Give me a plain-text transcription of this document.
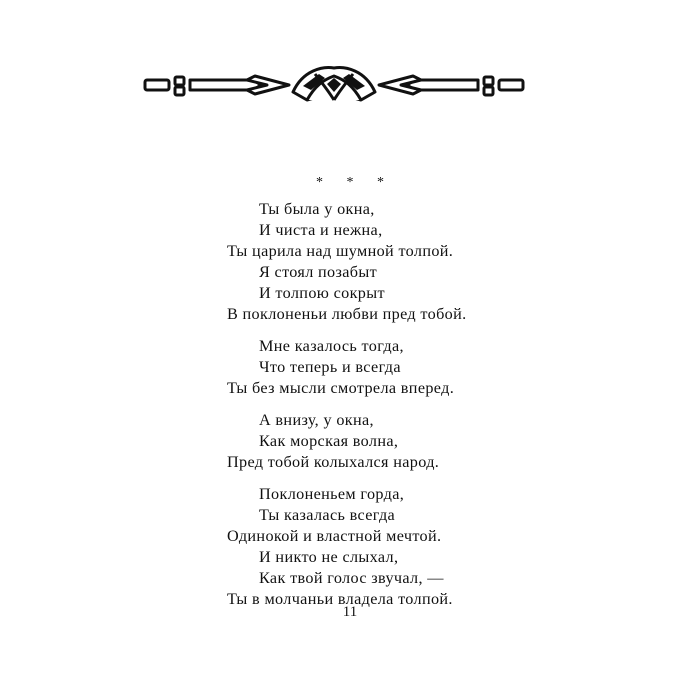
* * *
Ты была у окна,
И чиста и нежна,
Ты царила над шумной толпой.
Я стоял позабыт
И толпою сокрыт
В поклоненьи любви пред тобой.
Мне казалось тогда,
Что теперь и всегда
Ты без мысли смотрела вперед.
А внизу, у окна,
Как морская волна,
Пред тобой колыхался народ.
Поклоненьем горда,
Ты казалась всегда
Одинокой и властной мечтой.
И никто не слыхал,
Как твой голос звучал, —
Ты в молчаньи владела толпой.
11
